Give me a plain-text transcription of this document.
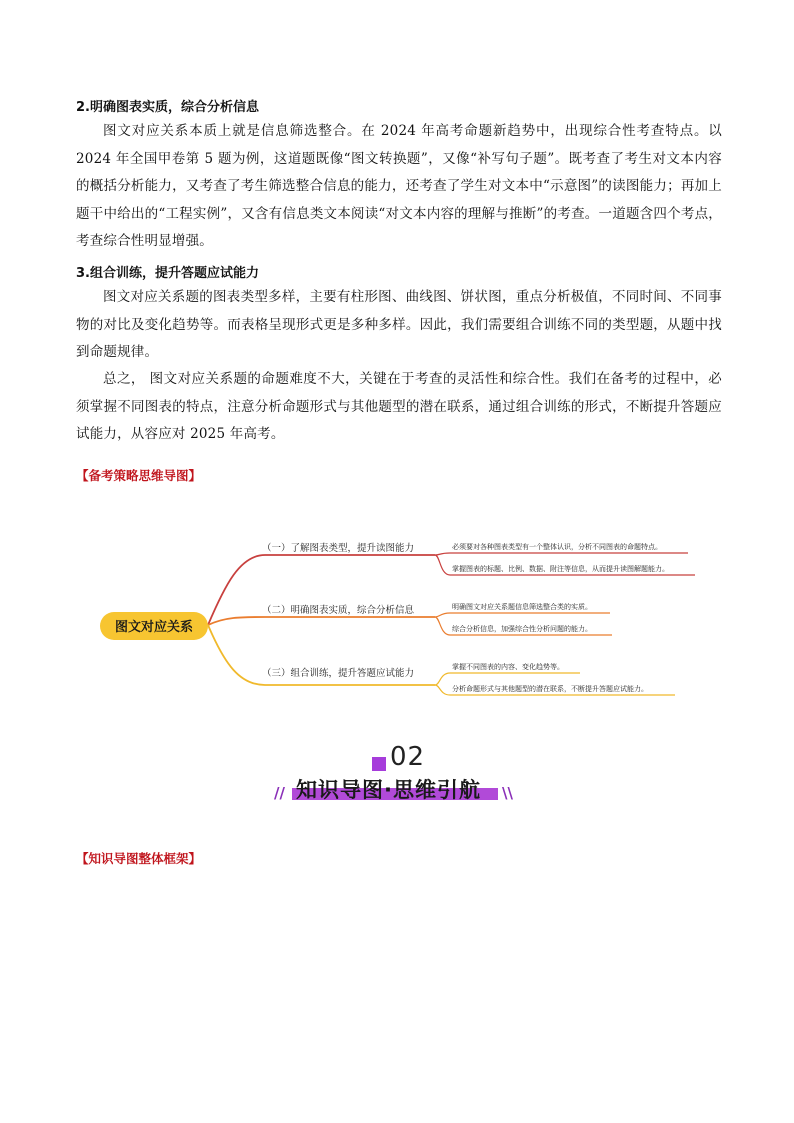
2.明确图表实质，综合分析信息

图文对应关系本质上就是信息筛选整合。在 2024 年高考命题新趋势中，出现综合性考查特点。以 2024 年全国甲卷第 5 题为例，这道题既像“图文转换题”，又像“补写句子题”。既考查了考生对文本内容的概括分析能力，又考查了考生筛选整合信息的能力，还考查了学生对文本中“示意图”的读图能力；再加上题干中给出的“工程实例”，又含有信息类文本阅读“对文本内容的理解与推断”的考查。一道题含四个考点，考查综合性明显增强。

3.组合训练，提升答题应试能力

图文对应关系题的图表类型多样，主要有柱形图、曲线图、饼状图，重点分析极值，不同时间、不同事物的对比及变化趋势等。而表格呈现形式更是多种多样。因此，我们需要组合训练不同的类型题，从题中找到命题规律。

总之， 图文对应关系题的命题难度不大，关键在于考查的灵活性和综合性。我们在备考的过程中，必须掌握不同图表的特点，注意分析命题形式与其他题型的潜在联系，通过组合训练的形式，不断提升答题应试能力，从容应对 2025 年高考。

【备考策略思维导图】
图文对应关系
（一）了解图表类型，提升读图能力
（二）明确图表实质，综合分析信息
（三）组合训练，提升答题应试能力
必须要对各种图表类型有一个整体认识，分析不同图表的命题特点。
掌握图表的标题、比例、数据、附注等信息，从而提升读图解题能力。
明确图文对应关系题信息筛选整合类的实质。
综合分析信息，加强综合性分析问题的能力。
掌握不同图表的内容、变化趋势等。
分析命题形式与其他题型的潜在联系，不断提升答题应试能力。
02
// 知识导图·思维引航 \\
【知识导图整体框架】
